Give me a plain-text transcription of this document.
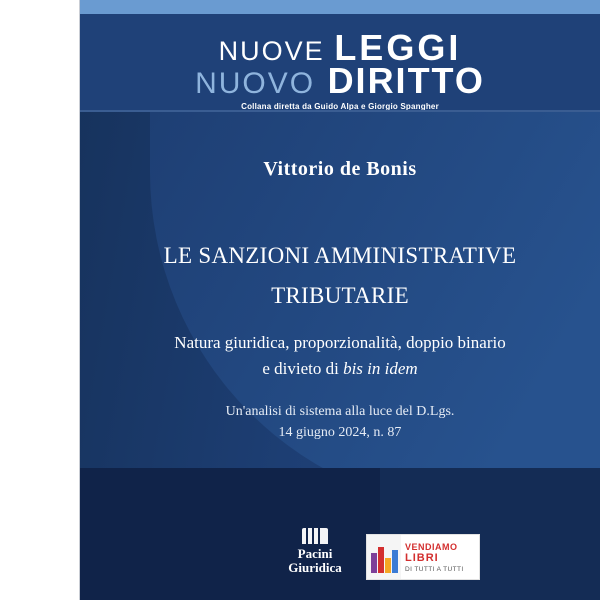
NUOVE LEGGI
NUOVO DIRITTO
Collana diretta da Guido Alpa e Giorgio Spangher
Vittorio de Bonis
LE SANZIONI AMMINISTRATIVE
TRIBUTARIE
Natura giuridica, proporzionalità, doppio binario
e divieto di bis in idem
Un'analisi di sistema alla luce del D.Lgs.
14 giugno 2024, n. 87
Pacini
Giuridica
VENDIAMO
LIBRI
DI TUTTI A TUTTI
